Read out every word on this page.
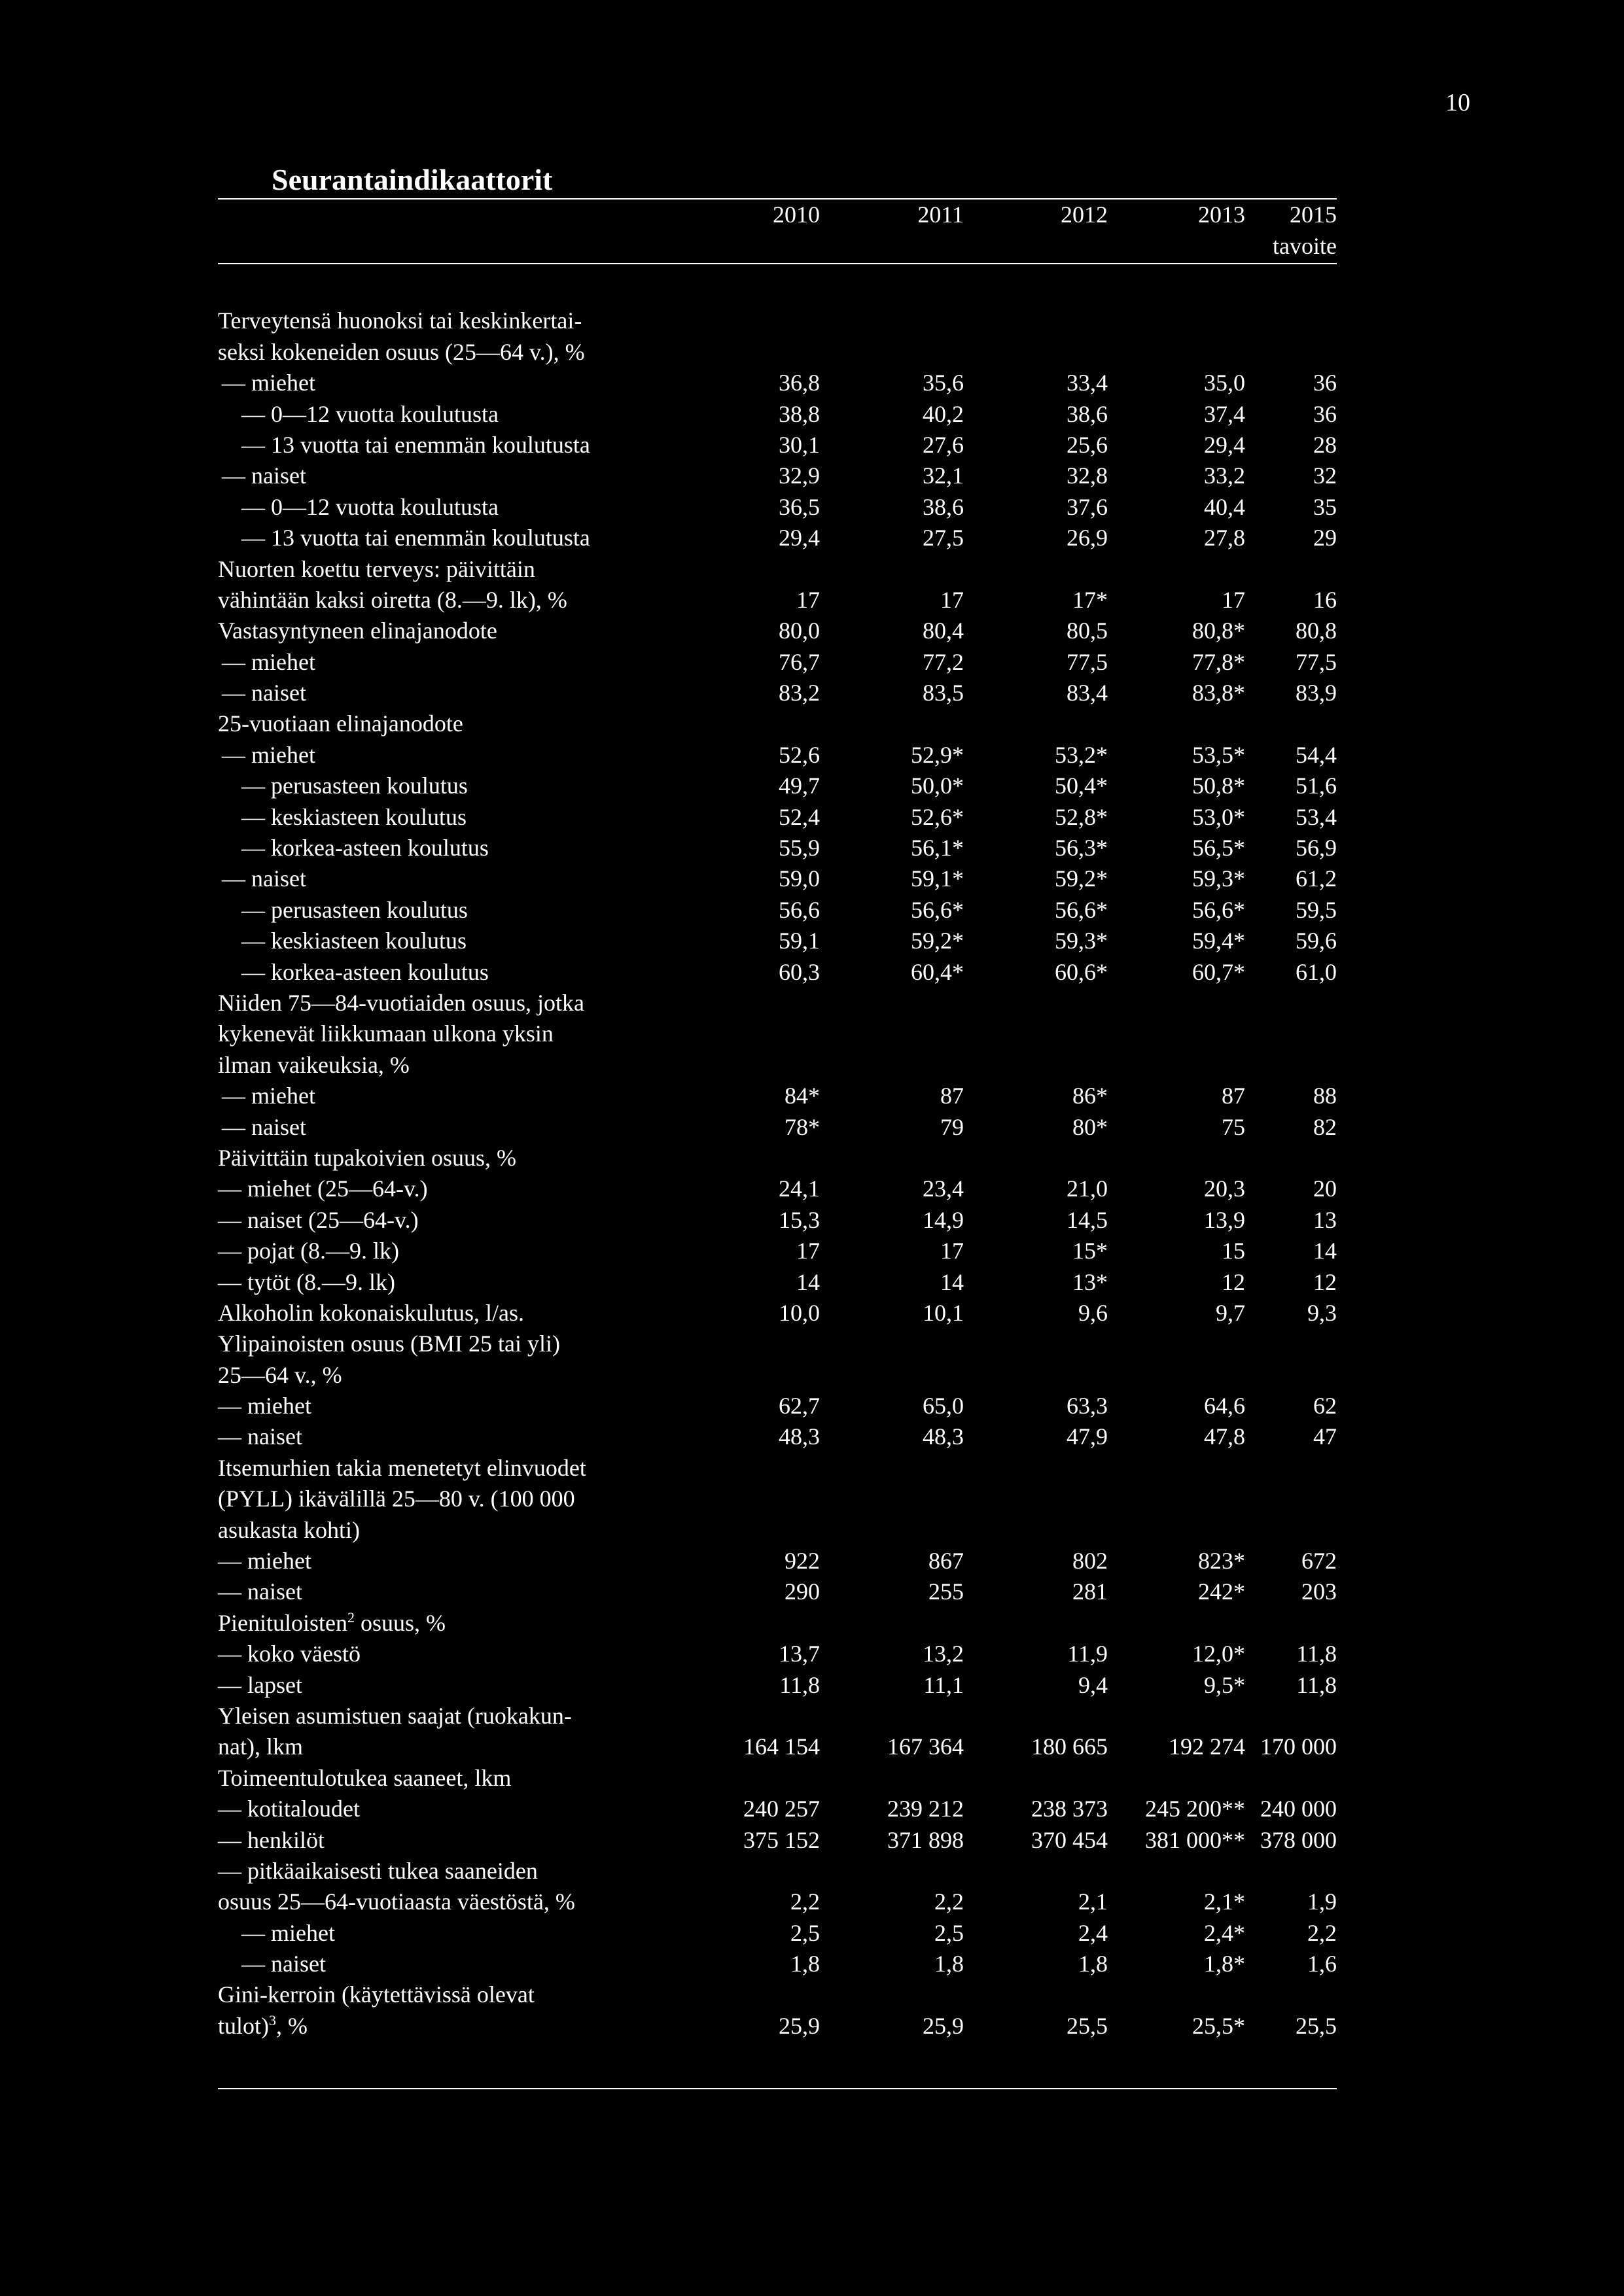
10
Seurantaindikaattorit
	2010	2011	2012	2013	2015
					tavoite

Terveytensä huonoksi tai keskinkertai-					
seksi kokeneiden osuus (25—64 v.), %					
— miehet	36,8	35,6	33,4	35,0	36
— 0—12 vuotta koulutusta	38,8	40,2	38,6	37,4	36
— 13 vuotta tai enemmän koulutusta	30,1	27,6	25,6	29,4	28
— naiset	32,9	32,1	32,8	33,2	32
— 0—12 vuotta koulutusta	36,5	38,6	37,6	40,4	35
— 13 vuotta tai enemmän koulutusta	29,4	27,5	26,9	27,8	29
Nuorten koettu terveys: päivittäin					
vähintään kaksi oiretta (8.—9. lk), %	17	17	17*	17	16
Vastasyntyneen elinajanodote	80,0	80,4	80,5	80,8*	80,8
— miehet	76,7	77,2	77,5	77,8*	77,5
— naiset	83,2	83,5	83,4	83,8*	83,9
25-vuotiaan elinajanodote					
— miehet	52,6	52,9*	53,2*	53,5*	54,4
— perusasteen koulutus	49,7	50,0*	50,4*	50,8*	51,6
— keskiasteen koulutus	52,4	52,6*	52,8*	53,0*	53,4
— korkea-asteen koulutus	55,9	56,1*	56,3*	56,5*	56,9
— naiset	59,0	59,1*	59,2*	59,3*	61,2
— perusasteen koulutus	56,6	56,6*	56,6*	56,6*	59,5
— keskiasteen koulutus	59,1	59,2*	59,3*	59,4*	59,6
— korkea-asteen koulutus	60,3	60,4*	60,6*	60,7*	61,0
Niiden 75—84-vuotiaiden osuus, jotka					
kykenevät liikkumaan ulkona yksin					
ilman vaikeuksia, %					
— miehet	84*	87	86*	87	88
— naiset	78*	79	80*	75	82
Päivittäin tupakoivien osuus, %					
— miehet (25—64-v.)	24,1	23,4	21,0	20,3	20
— naiset (25—64-v.)	15,3	14,9	14,5	13,9	13
— pojat (8.—9. lk)	17	17	15*	15	14
— tytöt (8.—9. lk)	14	14	13*	12	12
Alkoholin kokonaiskulutus, l/as.	10,0	10,1	9,6	9,7	9,3
Ylipainoisten osuus (BMI 25 tai yli)					
25—64 v., %					
— miehet	62,7	65,0	63,3	64,6	62
— naiset	48,3	48,3	47,9	47,8	47
Itsemurhien takia menetetyt elinvuodet					
(PYLL) ikävälillä 25—80 v. (100 000					
asukasta kohti)					
— miehet	922	867	802	823*	672
— naiset	290	255	281	242*	203
Pienituloisten$^2$ osuus, %					
— koko väestö	13,7	13,2	11,9	12,0*	11,8
— lapset	11,8	11,1	9,4	9,5*	11,8
Yleisen asumistuen saajat (ruokakun-					
nat), lkm	164 154	167 364	180 665	192 274	170 000
Toimeentulotukea saaneet, lkm					
— kotitaloudet	240 257	239 212	238 373	245 200**	240 000
— henkilöt	375 152	371 898	370 454	381 000**	378 000
— pitkäaikaisesti tukea saaneiden					
osuus 25—64-vuotiaasta väestöstä, %	2,2	2,2	2,1	2,1*	1,9
— miehet	2,5	2,5	2,4	2,4*	2,2
— naiset	1,8	1,8	1,8	1,8*	1,6
Gini-kerroin (käytettävissä olevat					
tulot)$^3$, %	25,9	25,9	25,5	25,5*	25,5
